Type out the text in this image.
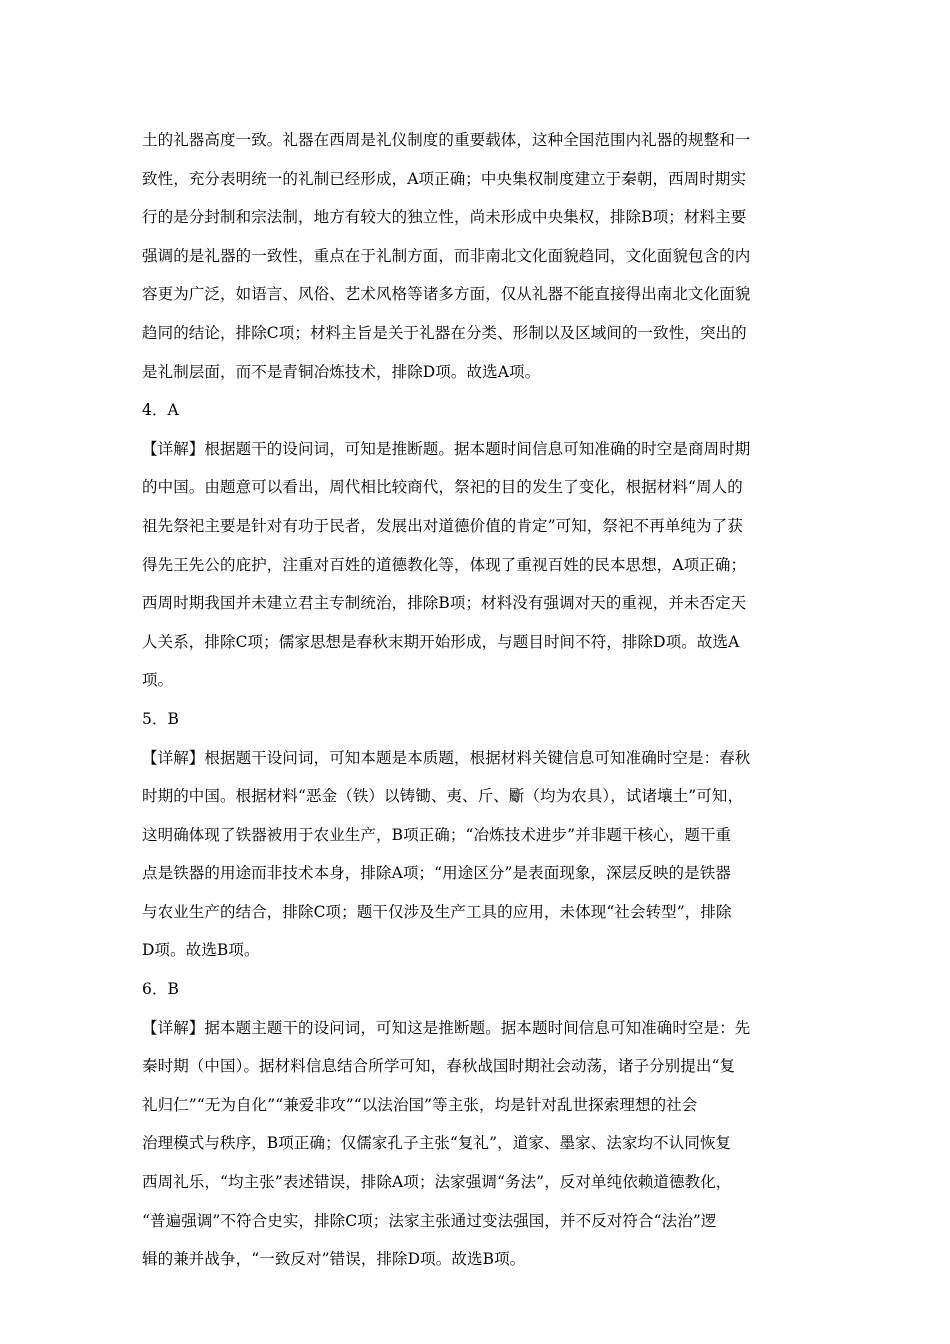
土的礼器高度一致。礼器在西周是礼仪制度的重要载体，这种全国范围内礼器的规整和一
致性，充分表明统一的礼制已经形成，A项正确；中央集权制度建立于秦朝，西周时期实
行的是分封制和宗法制，地方有较大的独立性，尚未形成中央集权，排除B项；材料主要
强调的是礼器的一致性，重点在于礼制方面，而非南北文化面貌趋同，文化面貌包含的内
容更为广泛，如语言、风俗、艺术风格等诸多方面，仅从礼器不能直接得出南北文化面貌
趋同的结论，排除C项；材料主旨是关于礼器在分类、形制以及区域间的一致性，突出的
是礼制层面，而不是青铜冶炼技术，排除D项。故选A项。
4．A
【详解】根据题干的设问词，可知是推断题。据本题时间信息可知准确的时空是商周时期
的中国。由题意可以看出，周代相比较商代，祭祀的目的发生了变化，根据材料“周人的
祖先祭祀主要是针对有功于民者，发展出对道德价值的肯定”可知，祭祀不再单纯为了获
得先王先公的庇护，注重对百姓的道德教化等，体现了重视百姓的民本思想，A项正确；
西周时期我国并未建立君主专制统治，排除B项；材料没有强调对天的重视，并未否定天
人关系，排除C项；儒家思想是春秋末期开始形成，与题目时间不符，排除D项。故选A
项。
5．B
【详解】根据题干设问词，可知本题是本质题，根据材料关键信息可知准确时空是：春秋
时期的中国。根据材料“恶金（铁）以铸锄、夷、斤、斸（均为农具），试诸壤土”可知，
这明确体现了铁器被用于农业生产，B项正确；“冶炼技术进步”并非题干核心，题干重
点是铁器的用途而非技术本身，排除A项；“用途区分”是表面现象，深层反映的是铁器
与农业生产的结合，排除C项；题干仅涉及生产工具的应用，未体现“社会转型”，排除
D项。故选B项。
6．B
【详解】据本题主题干的设问词，可知这是推断题。据本题时间信息可知准确时空是：先
秦时期（中国）。据材料信息结合所学可知，春秋战国时期社会动荡，诸子分别提出“复
礼归仁”“无为自化”“兼爱非攻”“以法治国”等主张，均是针对乱世探索理想的社会
治理模式与秩序，B项正确；仅儒家孔子主张“复礼”，道家、墨家、法家均不认同恢复
西周礼乐，“均主张”表述错误，排除A项；法家强调“务法”，反对单纯依赖道德教化，
“普遍强调”不符合史实，排除C项；法家主张通过变法强国，并不反对符合“法治”逻
辑的兼并战争，“一致反对”错误，排除D项。故选B项。
